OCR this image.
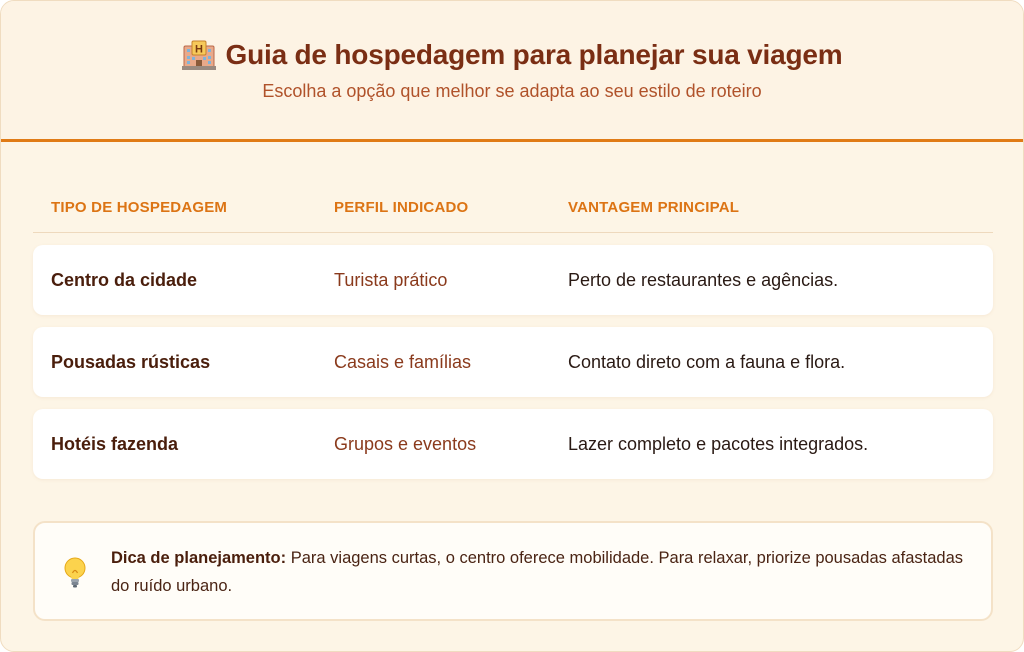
H Guia de hospedagem para planejar sua viagem
Escolha a opção que melhor se adapta ao seu estilo de roteiro
TIPO DE HOSPEDAGEM	PERFIL INDICADO	VANTAGEM PRINCIPAL
Centro da cidade	Turista prático	Perto de restaurantes e agências.
Pousadas rústicas	Casais e famílias	Contato direto com a fauna e flora.
Hotéis fazenda	Grupos e eventos	Lazer completo e pacotes integrados.
Dica de planejamento: Para viagens curtas, o centro oferece mobilidade. Para relaxar, priorize pousadas afastadas do ruído urbano.
